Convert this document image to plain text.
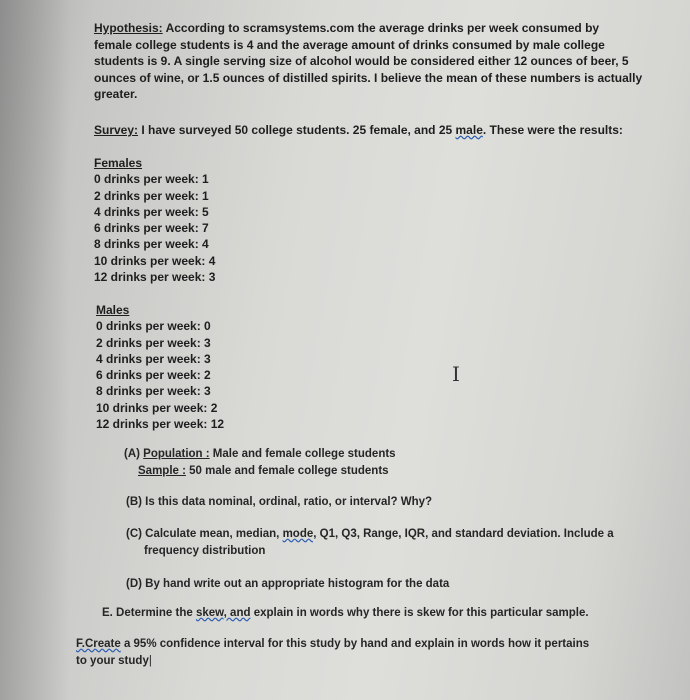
Hypothesis: According to scramsystems.com the average drinks per week consumed by
female college students is 4 and the average amount of drinks consumed by male college
students is 9. A single serving size of alcohol would be considered either 12 ounces of beer, 5
ounces of wine, or 1.5 ounces of distilled spirits. I believe the mean of these numbers is actually
greater.
Survey: I have surveyed 50 college students. 25 female, and 25 male. These were the results:
Females
0 drinks per week: 1
2 drinks per week: 1
4 drinks per week: 5
6 drinks per week: 7
8 drinks per week: 4
10 drinks per week: 4
12 drinks per week: 3
Males
0 drinks per week: 0
2 drinks per week: 3
4 drinks per week: 3
6 drinks per week: 2
8 drinks per week: 3
10 drinks per week: 2
12 drinks per week: 12
I
(A) Population : Male and female college students
Sample : 50 male and female college students
(B) Is this data nominal, ordinal, ratio, or interval? Why?
(C) Calculate mean, median, mode, Q1, Q3, Range, IQR, and standard deviation. Include a
frequency distribution
(D) By hand write out an appropriate histogram for the data
E. Determine the skew, and explain in words why there is skew for this particular sample.
F.Create a 95% confidence interval for this study by hand and explain in words how it pertains
to your study|
